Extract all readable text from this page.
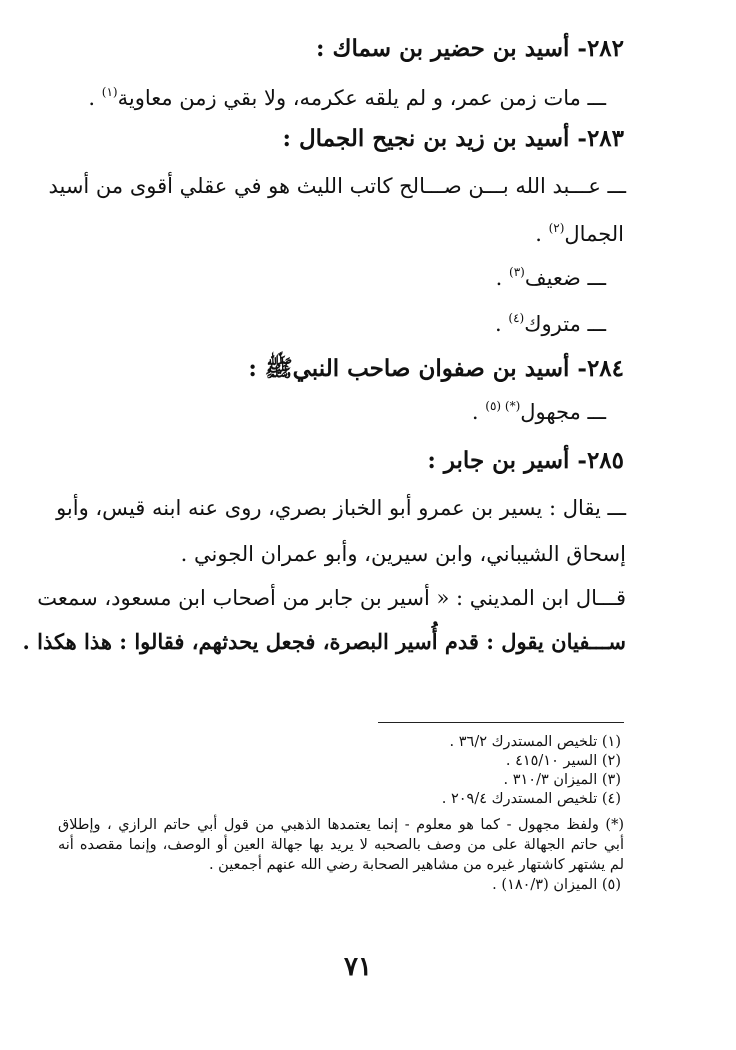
٢٨٢- أسيد بن حضير بن سماك :
ـــ مات زمن عمر، و لم يلقه عكرمه، ولا بقي زمن معاوية$^{(١)}$ .
٢٨٣- أسيد بن زيد بن نجيح الجمال :
ـــ عـــبد الله بـــن صـــالح كاتب الليث هو في عقلي أقوى من أسيد
الجمال$^{(٢)}$ .
ـــ ضعيف$^{(٣)}$ .
ـــ متروك$^{(٤)}$ .
٢٨٤- أسيد بن صفوان صاحب النبيﷺ :
ـــ مجهول$^{(*) (٥)}$ .
٢٨٥- أسير بن جابر :
ـــ يقال : يسير بن عمرو أبو الخباز بصري، روى عنه ابنه قيس، وأبو
إسحاق الشيباني، وابن سيرين، وأبو عمران الجوني .
قـــال ابن المديني : « أسير بن جابر من أصحاب ابن مسعود، سمعت
ســـفيان يقول : قدم أُسير البصرة، فجعل يحدثهم، فقالوا : هذا هكذا .
(١) تلخيص المستدرك ٣٦/٢ .
(٢) السير ٤١٥/١٠ .
(٣) الميزان ٣١٠/٣ .
(٤) تلخيص المستدرك ٢٠٩/٤ .
(*) ولفظ مجهول - كما هو معلوم - إنما يعتمدها الذهبي من قول أبي حاتم الرازي ، وإطلاق
أبي حاتم الجهالة على من وصف بالصحبه لا يريد بها جهالة العين أو الوصف، وإنما مقصده أنه
لم يشتهر كاشتهار غيره من مشاهير الصحابة رضي الله عنهم أجمعين .
(٥) الميزان (١٨٠/٣) .
٧١
